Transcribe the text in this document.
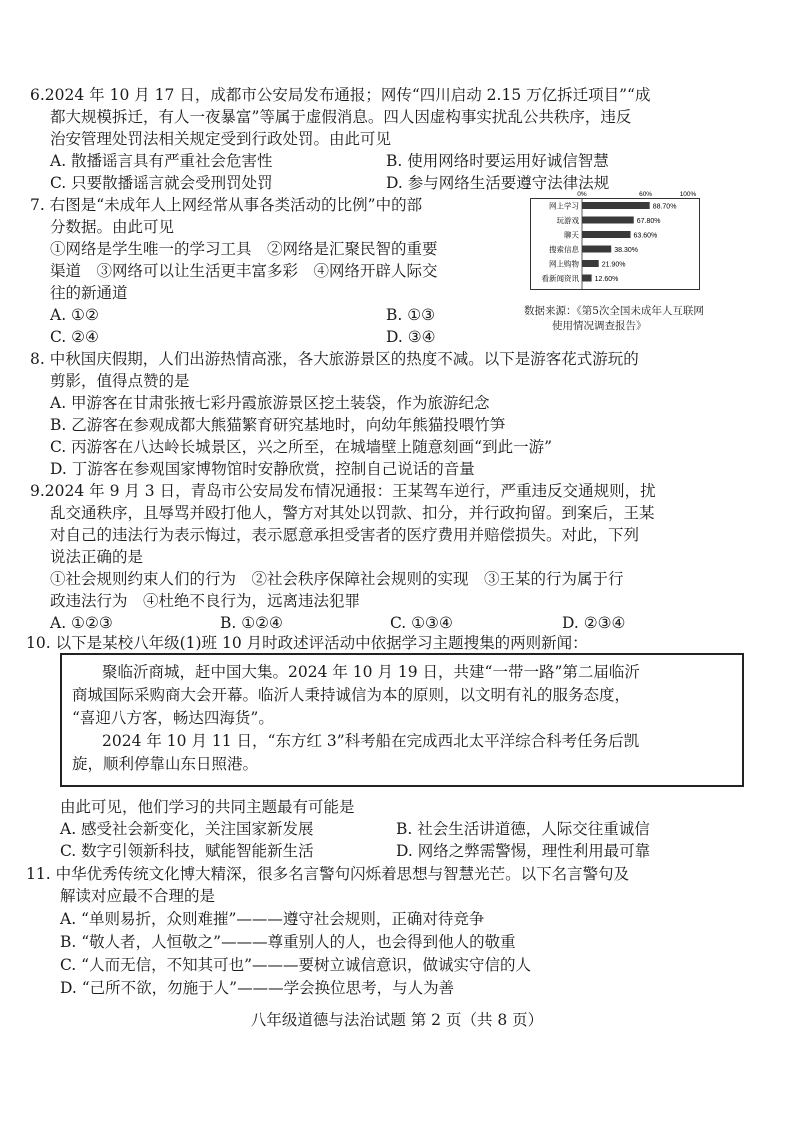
6.2024 年 10 月 17 日，成都市公安局发布通报；网传“四川启动 2.15 万亿拆迁项目”“成
都大规模拆迁，有人一夜暴富”等属于虚假消息。四人因虚构事实扰乱公共秩序，违反
治安管理处罚法相关规定受到行政处罚。由此可见
A. 散播谣言具有严重社会危害性	B. 使用网络时要运用好诚信智慧
C. 只要散播谣言就会受刑罚处罚	D. 参与网络生活要遵守法律法规
7. 右图是“未成年人上网经常从事各类活动的比例”中的部
分数据。由此可见
①网络是学生唯一的学习工具　②网络是汇聚民智的重要
渠道　③网络可以让生活更丰富多彩　④网络开辟人际交
往的新通道
A. ①②	B. ①③
C. ②④	D. ③④
0%	60%	100%
网上学习	88.70%
玩游戏	67.80%
聊天	63.60%
搜索信息	38.30%
网上购物	21.90%
看新闻资讯 12.60%
数据来源：《第5次全国未成年人互联网
使用情况调查报告》
8. 中秋国庆假期，人们出游热情高涨，各大旅游景区的热度不减。以下是游客花式游玩的
剪影，值得点赞的是
A. 甲游客在甘肃张掖七彩丹霞旅游景区挖土装袋，作为旅游纪念
B. 乙游客在参观成都大熊猫繁育研究基地时，向幼年熊猫投喂竹笋
C. 丙游客在八达岭长城景区，兴之所至，在城墙壁上随意刻画“到此一游”
D. 丁游客在参观国家博物馆时安静欣赏，控制自己说话的音量
9.2024 年 9 月 3 日，青岛市公安局发布情况通报：王某驾车逆行，严重违反交通规则，扰
乱交通秩序，且辱骂并殴打他人，警方对其处以罚款、扣分，并行政拘留。到案后，王某
对自己的违法行为表示悔过，表示愿意承担受害者的医疗费用并赔偿损失。对此，下列
说法正确的是
①社会规则约束人们的行为　②社会秩序保障社会规则的实现　③王某的行为属于行
政违法行为　④杜绝不良行为，远离违法犯罪
A. ①②③	B. ①②④	C. ①③④	D. ②③④
10. 以下是某校八年级(1)班 10 月时政述评活动中依据学习主题搜集的两则新闻：
聚临沂商城，赶中国大集。2024 年 10 月 19 日，共建“一带一路”第二届临沂
商城国际采购商大会开幕。临沂人秉持诚信为本的原则，以文明有礼的服务态度，
“喜迎八方客，畅达四海货”。
2024 年 10 月 11 日，“东方红 3”科考船在完成西北太平洋综合科考任务后凯
旋，顺利停靠山东日照港。
由此可见，他们学习的共同主题最有可能是
A. 感受社会新变化，关注国家新发展	B. 社会生活讲道德，人际交往重诚信
C. 数字引领新科技，赋能智能新生活	D. 网络之弊需警惕，理性利用最可靠
11. 中华优秀传统文化博大精深，很多名言警句闪烁着思想与智慧光芒。以下名言警句及
解读对应最不合理的是
A. “单则易折，众则难摧”———遵守社会规则，正确对待竞争
B. “敬人者，人恒敬之”———尊重别人的人，也会得到他人的敬重
C. “人而无信，不知其可也”———要树立诚信意识，做诚实守信的人
D. “己所不欲，勿施于人”———学会换位思考，与人为善
八年级道德与法治试题 第 2 页（共 8 页）
